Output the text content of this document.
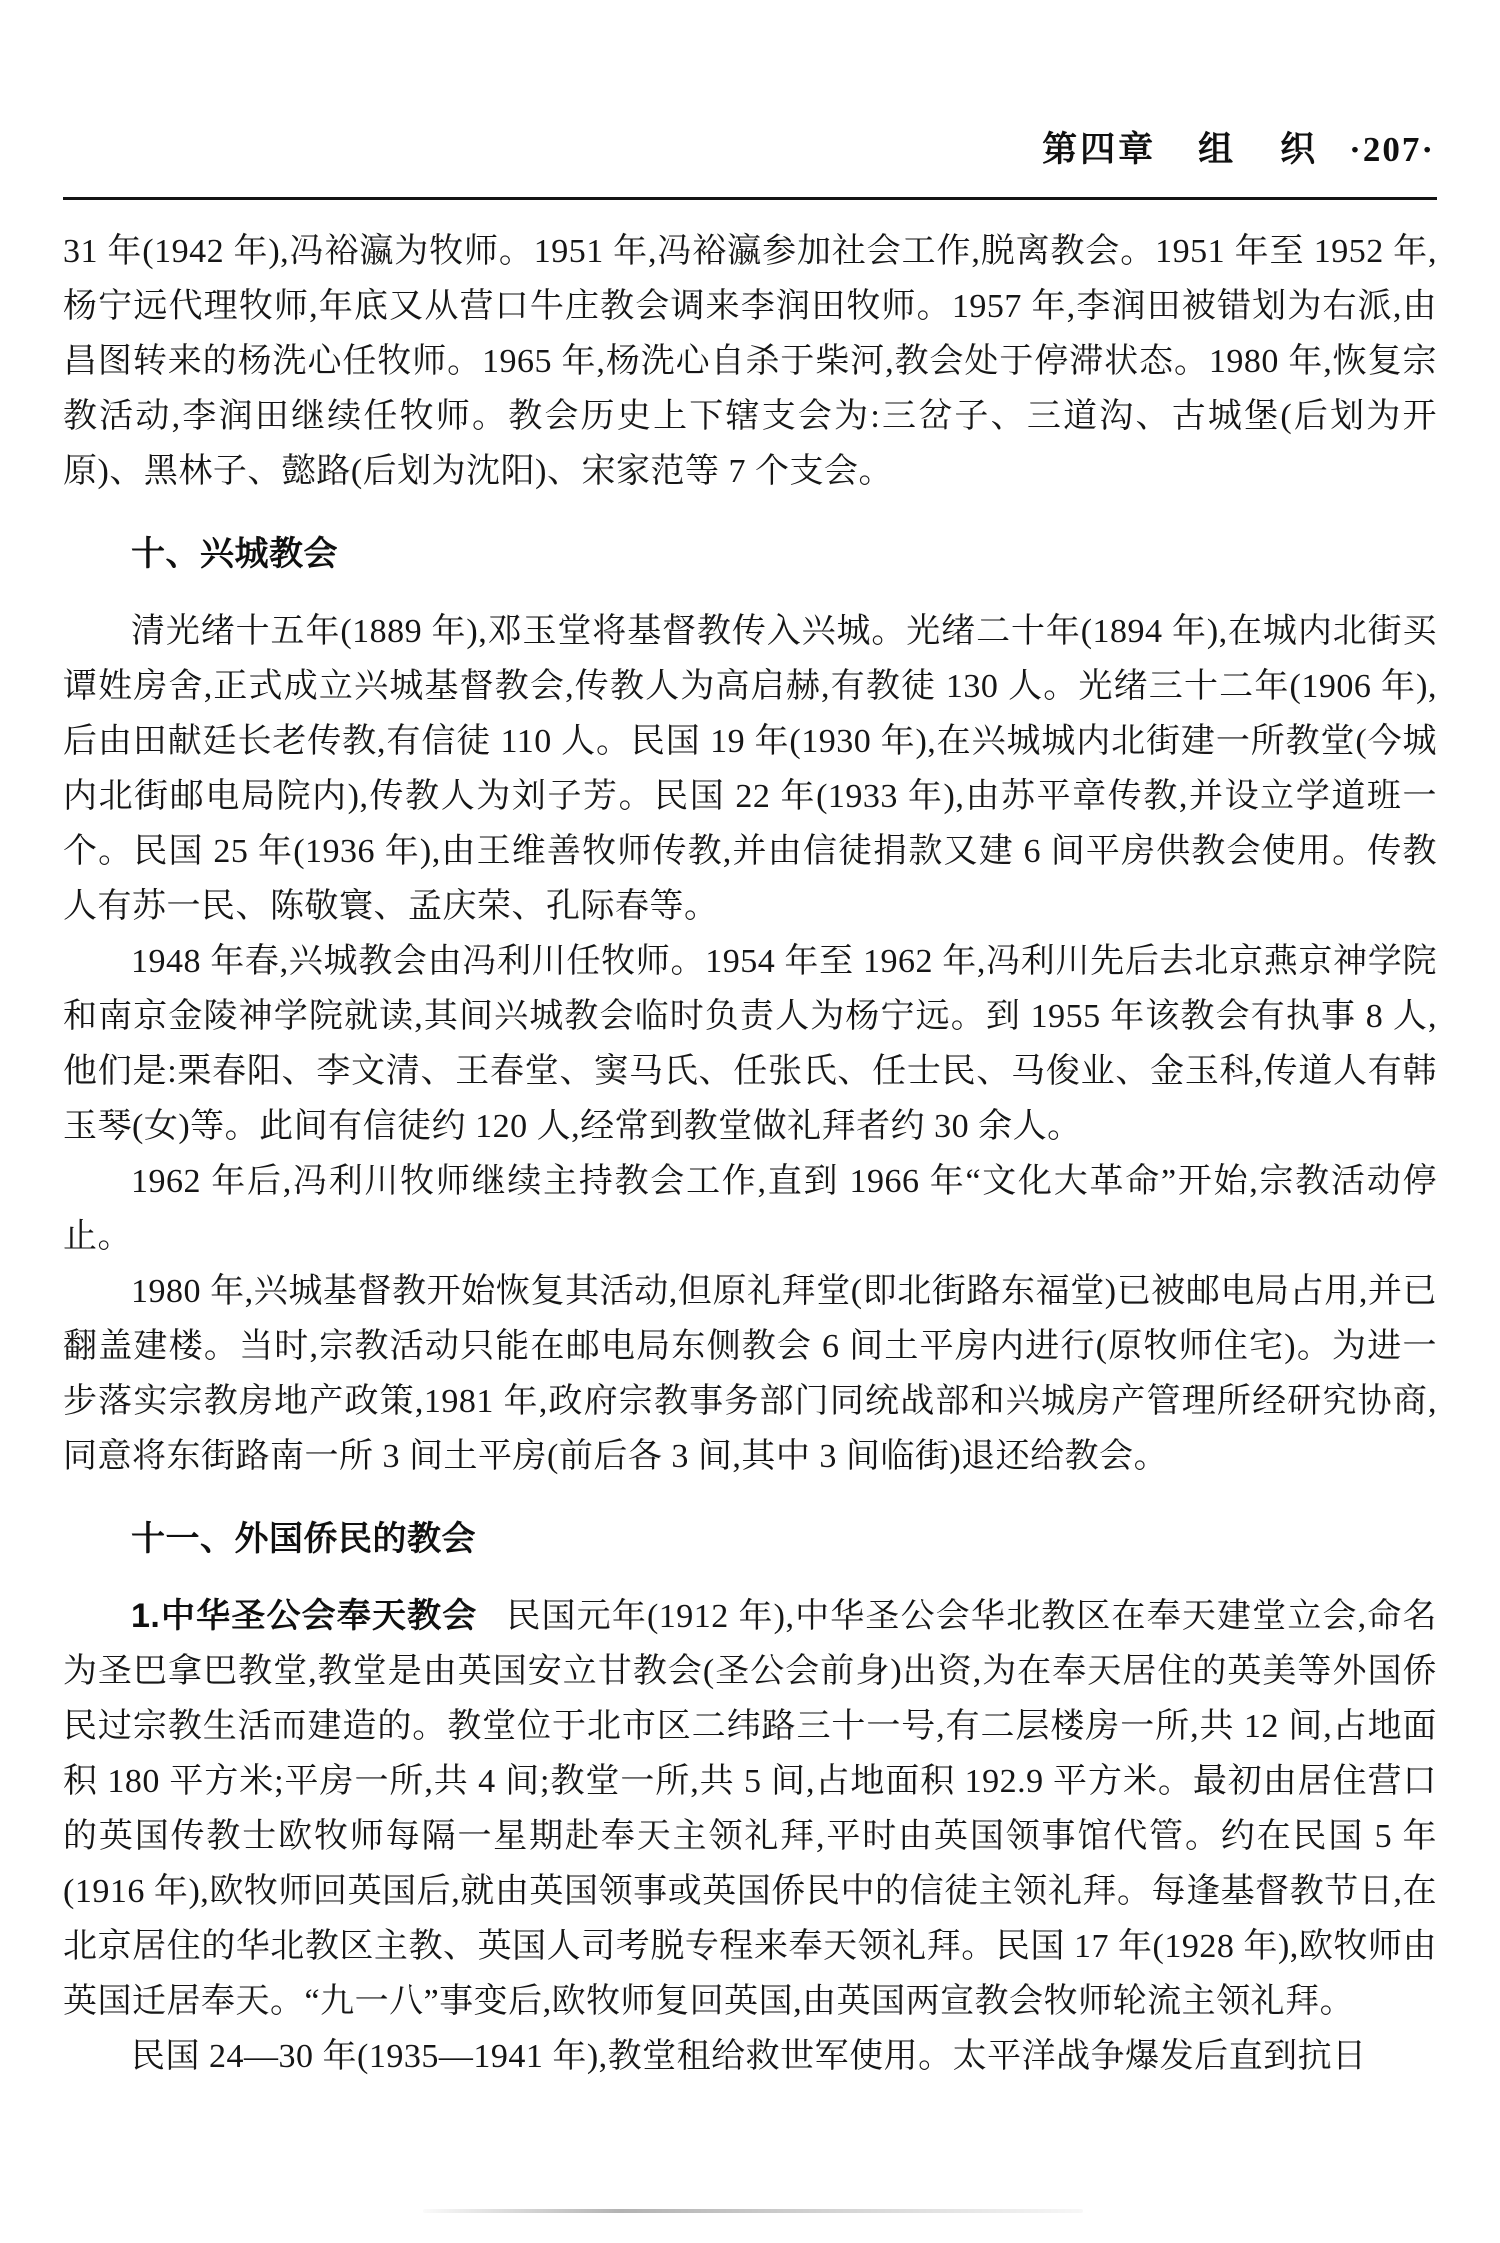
第四章 组　织 ·207·

31 年(1942 年),冯裕瀛为牧师。1951 年,冯裕瀛参加社会工作,脱离教会。1951 年至 1952 年,杨宁远代理牧师,年底又从营口牛庄教会调来李润田牧师。1957 年,李润田被错划为右派,由昌图转来的杨洗心任牧师。1965 年,杨洗心自杀于柴河,教会处于停滞状态。1980 年,恢复宗教活动,李润田继续任牧师。教会历史上下辖支会为:三岔子、三道沟、古城堡(后划为开原)、黑林子、懿路(后划为沈阳)、宋家范等 7 个支会。

十、兴城教会

清光绪十五年(1889 年),邓玉堂将基督教传入兴城。光绪二十年(1894 年),在城内北街买谭姓房舍,正式成立兴城基督教会,传教人为高启赫,有教徒 130 人。光绪三十二年(1906 年),后由田献廷长老传教,有信徒 110 人。民国 19 年(1930 年),在兴城城内北街建一所教堂(今城内北街邮电局院内),传教人为刘子芳。民国 22 年(1933 年),由苏平章传教,并设立学道班一个。民国 25 年(1936 年),由王维善牧师传教,并由信徒捐款又建 6 间平房供教会使用。传教人有苏一民、陈敬寰、孟庆荣、孔际春等。

1948 年春,兴城教会由冯利川任牧师。1954 年至 1962 年,冯利川先后去北京燕京神学院和南京金陵神学院就读,其间兴城教会临时负责人为杨宁远。到 1955 年该教会有执事 8 人,他们是:栗春阳、李文清、王春堂、窦马氏、任张氏、任士民、马俊业、金玉科,传道人有韩玉琴(女)等。此间有信徒约 120 人,经常到教堂做礼拜者约 30 余人。

1962 年后,冯利川牧师继续主持教会工作,直到 1966 年“文化大革命”开始,宗教活动停止。

1980 年,兴城基督教开始恢复其活动,但原礼拜堂(即北街路东福堂)已被邮电局占用,并已翻盖建楼。当时,宗教活动只能在邮电局东侧教会 6 间土平房内进行(原牧师住宅)。为进一步落实宗教房地产政策,1981 年,政府宗教事务部门同统战部和兴城房产管理所经研究协商,同意将东街路南一所 3 间土平房(前后各 3 间,其中 3 间临街)退还给教会。

十一、外国侨民的教会

1.中华圣公会奉天教会 民国元年(1912 年),中华圣公会华北教区在奉天建堂立会,命名为圣巴拿巴教堂,教堂是由英国安立甘教会(圣公会前身)出资,为在奉天居住的英美等外国侨民过宗教生活而建造的。教堂位于北市区二纬路三十一号,有二层楼房一所,共 12 间,占地面积 180 平方米;平房一所,共 4 间;教堂一所,共 5 间,占地面积 192.9 平方米。最初由居住营口的英国传教士欧牧师每隔一星期赴奉天主领礼拜,平时由英国领事馆代管。约在民国 5 年(1916 年),欧牧师回英国后,就由英国领事或英国侨民中的信徒主领礼拜。每逢基督教节日,在北京居住的华北教区主教、英国人司考脱专程来奉天领礼拜。民国 17 年(1928 年),欧牧师由英国迁居奉天。“九一八”事变后,欧牧师复回英国,由英国两宣教会牧师轮流主领礼拜。

民国 24—30 年(1935—1941 年),教堂租给救世军使用。太平洋战争爆发后直到抗日
